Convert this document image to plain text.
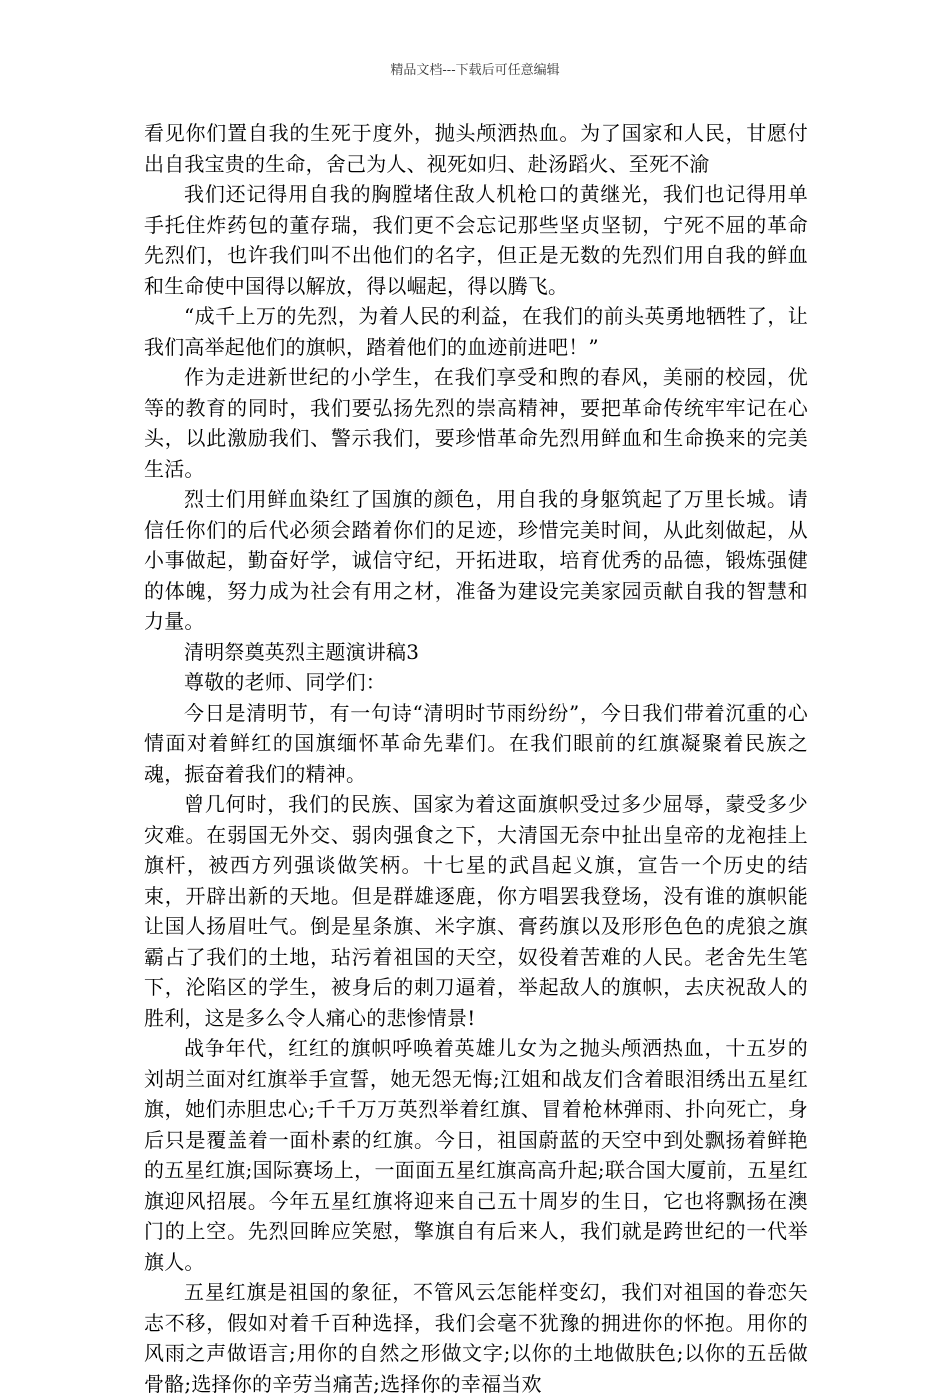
精品文档---下载后可任意编辑

看见你们置自我的生死于度外，抛头颅洒热血。为了国家和人民，甘愿付出自我宝贵的生命，舍己为人、视死如归、赴汤蹈火、至死不渝

我们还记得用自我的胸膛堵住敌人机枪口的黄继光，我们也记得用单手托住炸药包的董存瑞，我们更不会忘记那些坚贞坚韧，宁死不屈的革命先烈们，也许我们叫不出他们的名字，但正是无数的先烈们用自我的鲜血和生命使中国得以解放，得以崛起，得以腾飞。

“成千上万的先烈，为着人民的利益，在我们的前头英勇地牺牲了，让我们高举起他们的旗帜，踏着他们的血迹前进吧！”

作为走进新世纪的小学生，在我们享受和煦的春风，美丽的校园，优等的教育的同时，我们要弘扬先烈的崇高精神，要把革命传统牢牢记在心头，以此激励我们、警示我们，要珍惜革命先烈用鲜血和生命换来的完美生活。

烈士们用鲜血染红了国旗的颜色，用自我的身躯筑起了万里长城。请信任你们的后代必须会踏着你们的足迹，珍惜完美时间，从此刻做起，从小事做起，勤奋好学，诚信守纪，开拓进取，培育优秀的品德，锻炼强健的体魄，努力成为社会有用之材，准备为建设完美家园贡献自我的智慧和力量。

清明祭奠英烈主题演讲稿3

尊敬的老师、同学们：

今日是清明节，有一句诗“清明时节雨纷纷”，今日我们带着沉重的心情面对着鲜红的国旗缅怀革命先辈们。在我们眼前的红旗凝聚着民族之魂，振奋着我们的精神。

曾几何时，我们的民族、国家为着这面旗帜受过多少屈辱，蒙受多少灾难。在弱国无外交、弱肉强食之下，大清国无奈中扯出皇帝的龙袍挂上旗杆，被西方列强谈做笑柄。十七星的武昌起义旗，宣告一个历史的结束，开辟出新的天地。但是群雄逐鹿，你方唱罢我登场，没有谁的旗帜能让国人扬眉吐气。倒是星条旗、米字旗、膏药旗以及形形色色的虎狼之旗霸占了我们的土地，玷污着祖国的天空，奴役着苦难的人民。老舍先生笔下，沦陷区的学生，被身后的刺刀逼着，举起敌人的旗帜，去庆祝敌人的胜利，这是多么令人痛心的悲惨情景!

战争年代，红红的旗帜呼唤着英雄儿女为之抛头颅洒热血，十五岁的刘胡兰面对红旗举手宣誓，她无怨无悔;江姐和战友们含着眼泪绣出五星红旗，她们赤胆忠心;千千万万英烈举着红旗、冒着枪林弹雨、扑向死亡，身后只是覆盖着一面朴素的红旗。今日，祖国蔚蓝的天空中到处飘扬着鲜艳的五星红旗;国际赛场上，一面面五星红旗高高升起;联合国大厦前，五星红旗迎风招展。今年五星红旗将迎来自己五十周岁的生日，它也将飘扬在澳门的上空。先烈回眸应笑慰，擎旗自有后来人，我们就是跨世纪的一代举旗人。

五星红旗是祖国的象征，不管风云怎能样变幻，我们对祖国的眷恋矢志不移，假如对着千百种选择，我们会毫不犹豫的拥进你的怀抱。用你的风雨之声做语言;用你的自然之形做文字;以你的土地做肤色;以你的五岳做骨骼;选择你的辛劳当痛苦;选择你的幸福当欢
